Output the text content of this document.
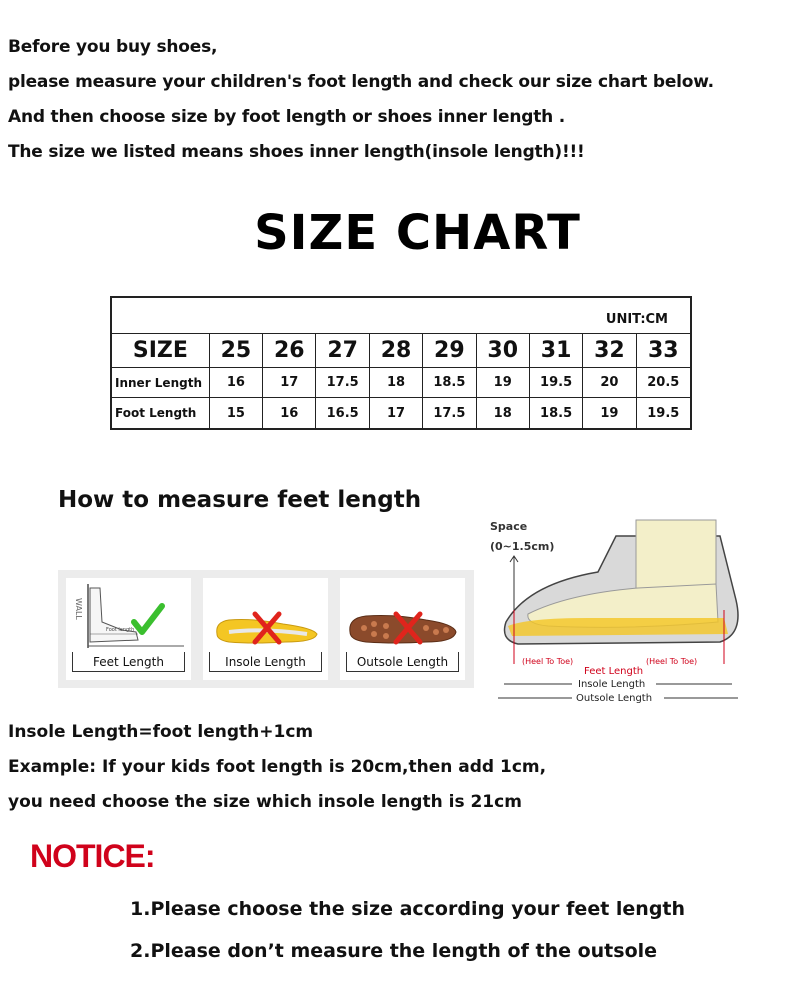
Before you buy shoes,

please measure your children's foot length and check our size chart below.

And then choose size by foot length or shoes inner length .

The size we listed means shoes inner length(insole length)!!!

SIZE CHART
UNIT:CM
SIZE	25	26	27	28	29	30	31	32	33
Inner Length	16	17	17.5	18	18.5	19	19.5	20	20.5
Foot Length	15	16	16.5	17	17.5	18	18.5	19	19.5
How to measure feet length
WALL
Foot length
Feet Length	Insole Length	Outsole Length
Space
(0~1.5cm)
(Heel To Toe)	(Heel To Toe)
Feet Length
Insole Length
Outsole Length

Insole Length=foot length+1cm

Example: If your kids foot length is 20cm,then add 1cm,

you need choose the size which insole length is 21cm

NOTICE:

1.Please choose the size according your feet length

2.Please don’t measure the length of the outsole
